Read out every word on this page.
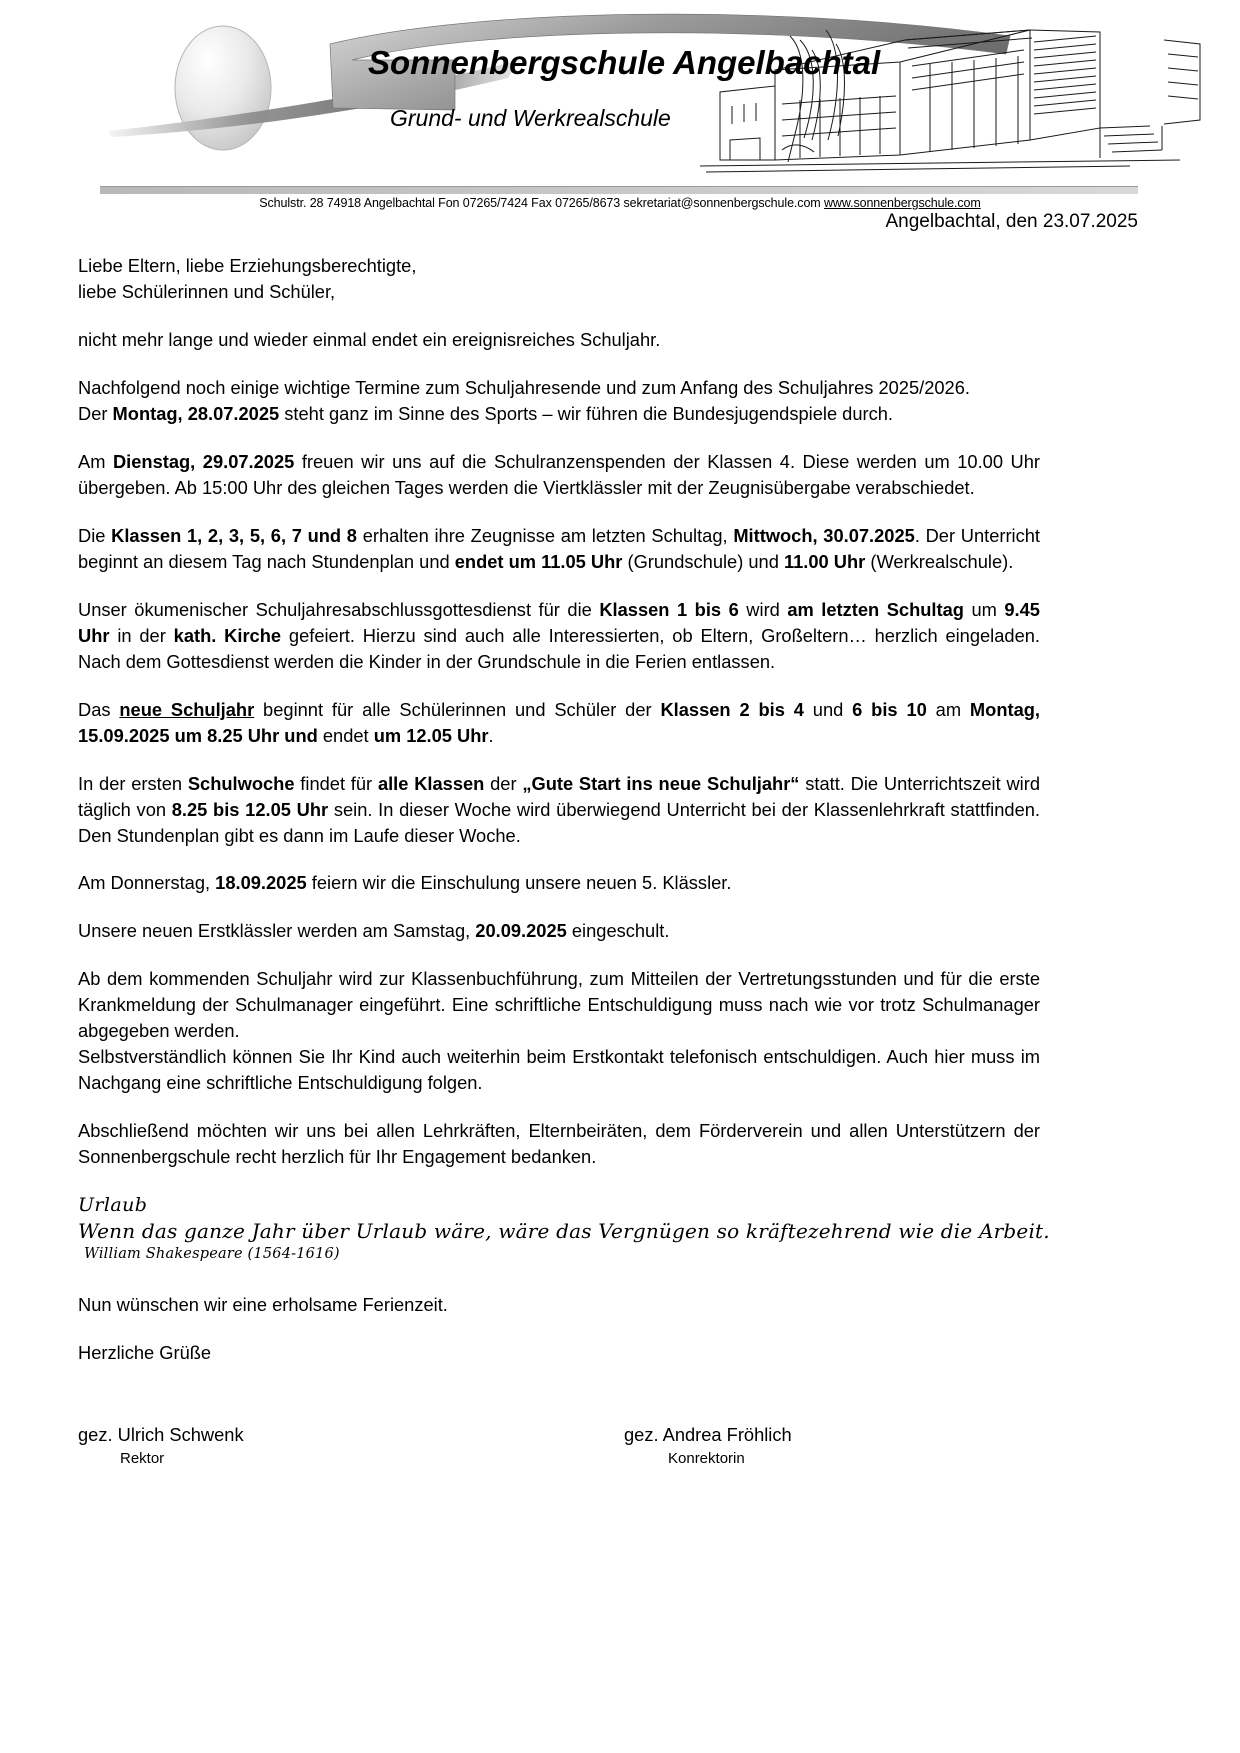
Sonnenbergschule Angelbachtal
Grund- und Werkrealschule
Schulstr. 28 74918 Angelbachtal Fon 07265/7424 Fax 07265/8673 sekretariat@sonnenbergschule.com www.sonnenbergschule.com
Angelbachtal, den 23.07.2025

Liebe Eltern, liebe Erziehungsberechtigte,

liebe Schülerinnen und Schüler,

nicht mehr lange und wieder einmal endet ein ereignisreiches Schuljahr.

Nachfolgend noch einige wichtige Termine zum Schuljahresende und zum Anfang des Schuljahres 2025/2026.

Der Montag, 28.07.2025 steht ganz im Sinne des Sports – wir führen die Bundesjugendspiele durch.

Am Dienstag, 29.07.2025 freuen wir uns auf die Schulranzenspenden der Klassen 4. Diese werden um 10.00 Uhr übergeben. Ab 15:00 Uhr des gleichen Tages werden die Viertklässler mit der Zeugnisübergabe verabschiedet.

Die Klassen 1, 2, 3, 5, 6, 7 und 8 erhalten ihre Zeugnisse am letzten Schultag, Mittwoch, 30.07.2025. Der Unterricht beginnt an diesem Tag nach Stundenplan und endet um 11.05 Uhr (Grundschule) und 11.00 Uhr (Werkrealschule).

Unser ökumenischer Schuljahresabschlussgottesdienst für die Klassen 1 bis 6 wird am letzten Schultag um 9.45 Uhr in der kath. Kirche gefeiert. Hierzu sind auch alle Interessierten, ob Eltern, Großeltern… herzlich eingeladen. Nach dem Gottesdienst werden die Kinder in der Grundschule in die Ferien entlassen.

Das neue Schuljahr beginnt für alle Schülerinnen und Schüler der Klassen 2 bis 4 und 6 bis 10 am Montag, 15.09.2025 um 8.25 Uhr und endet um 12.05 Uhr.

In der ersten Schulwoche findet für alle Klassen der „Gute Start ins neue Schuljahr“ statt. Die Unterrichtszeit wird täglich von 8.25 bis 12.05 Uhr sein. In dieser Woche wird überwiegend Unterricht bei der Klassenlehrkraft stattfinden. Den Stundenplan gibt es dann im Laufe dieser Woche.

Am Donnerstag, 18.09.2025 feiern wir die Einschulung unsere neuen 5. Klässler.

Unsere neuen Erstklässler werden am Samstag, 20.09.2025 eingeschult.

Ab dem kommenden Schuljahr wird zur Klassenbuchführung, zum Mitteilen der Vertretungsstunden und für die erste Krankmeldung der Schulmanager eingeführt. Eine schriftliche Entschuldigung muss nach wie vor trotz Schulmanager abgegeben werden.

Selbstverständlich können Sie Ihr Kind auch weiterhin beim Erstkontakt telefonisch entschuldigen. Auch hier muss im Nachgang eine schriftliche Entschuldigung folgen.

Abschließend möchten wir uns bei allen Lehrkräften, Elternbeiräten, dem Förderverein und allen Unterstützern der Sonnenbergschule recht herzlich für Ihr Engagement bedanken.

Urlaub
Wenn das ganze Jahr über Urlaub wäre, wäre das Vergnügen so kräftezehrend wie die Arbeit.
William Shakespeare (1564-1616)

Nun wünschen wir eine erholsame Ferienzeit.

Herzliche Grüße

gez. Ulrich Schwenk
Rektor
gez. Andrea Fröhlich
Konrektorin
